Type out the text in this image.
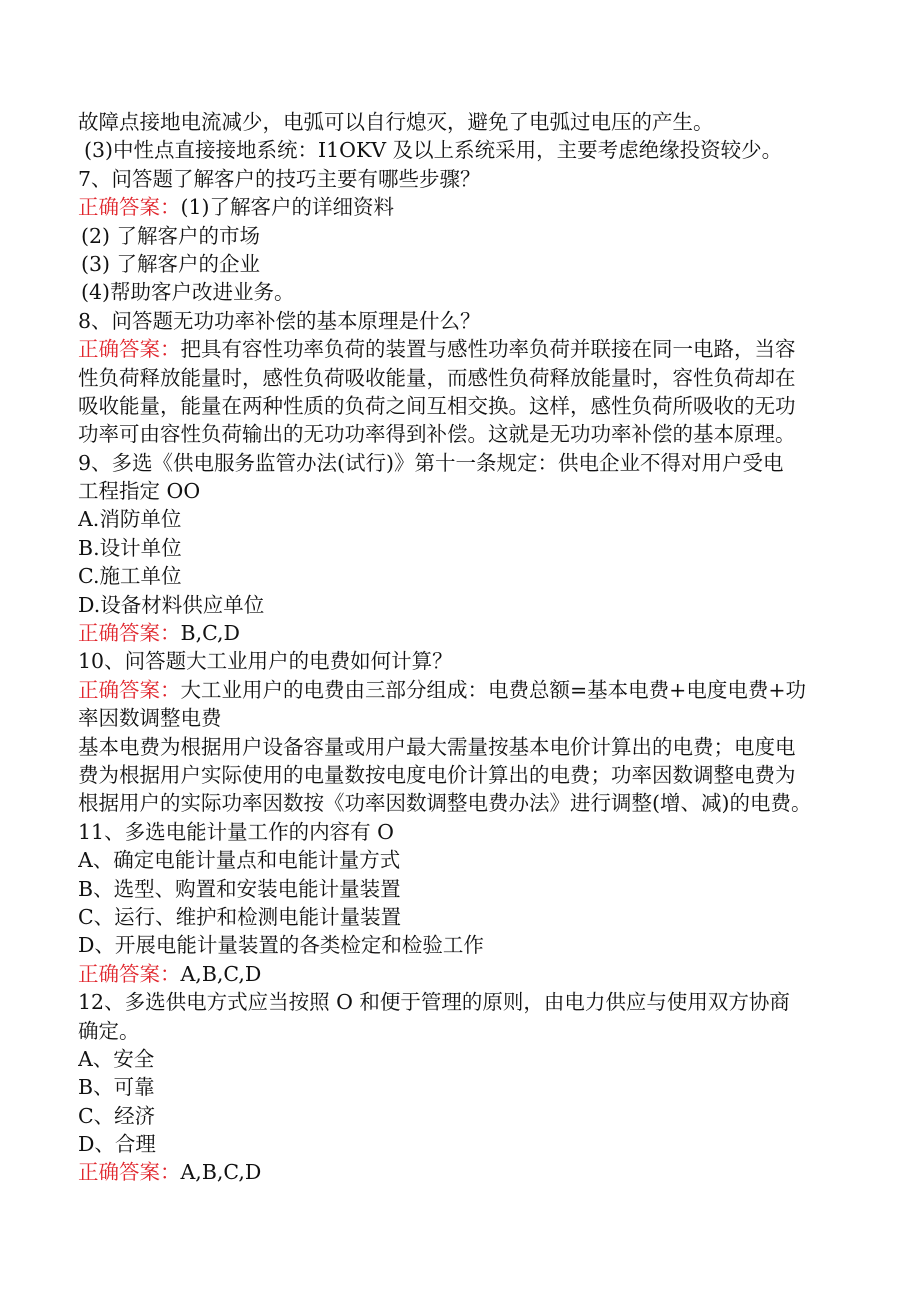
故障点接地电流减少，电弧可以自行熄灭，避免了电弧过电压的产生。
(3)中性点直接接地系统：I1OKV 及以上系统采用，主要考虑绝缘投资较少。
7、问答题了解客户的技巧主要有哪些步骤？
正确答案：(1)了解客户的详细资料
(2) 了解客户的市场
(3) 了解客户的企业
(4)帮助客户改进业务。
8、问答题无功功率补偿的基本原理是什么？
正确答案：把具有容性功率负荷的装置与感性功率负荷并联接在同一电路，当容
性负荷释放能量时，感性负荷吸收能量，而感性负荷释放能量时，容性负荷却在
吸收能量，能量在两种性质的负荷之间互相交换。这样，感性负荷所吸收的无功
功率可由容性负荷输出的无功功率得到补偿。这就是无功功率补偿的基本原理。
9、多选《供电服务监管办法(试行)》第十一条规定：供电企业不得对用户受电
工程指定 OO
A.消防单位
B.设计单位
C.施工单位
D.设备材料供应单位
正确答案：B,C,D
10、问答题大工业用户的电费如何计算？
正确答案：大工业用户的电费由三部分组成：电费总额=基本电费+电度电费+功
率因数调整电费
基本电费为根据用户设备容量或用户最大需量按基本电价计算出的电费；电度电
费为根据用户实际使用的电量数按电度电价计算出的电费；功率因数调整电费为
根据用户的实际功率因数按《功率因数调整电费办法》进行调整(增、减)的电费。
11、多选电能计量工作的内容有 O
A、确定电能计量点和电能计量方式
B、选型、购置和安装电能计量装置
C、运行、维护和检测电能计量装置
D、开展电能计量装置的各类检定和检验工作
正确答案：A,B,C,D
12、多选供电方式应当按照 O 和便于管理的原则，由电力供应与使用双方协商
确定。
A、安全
B、可靠
C、经济
D、合理
正确答案：A,B,C,D
